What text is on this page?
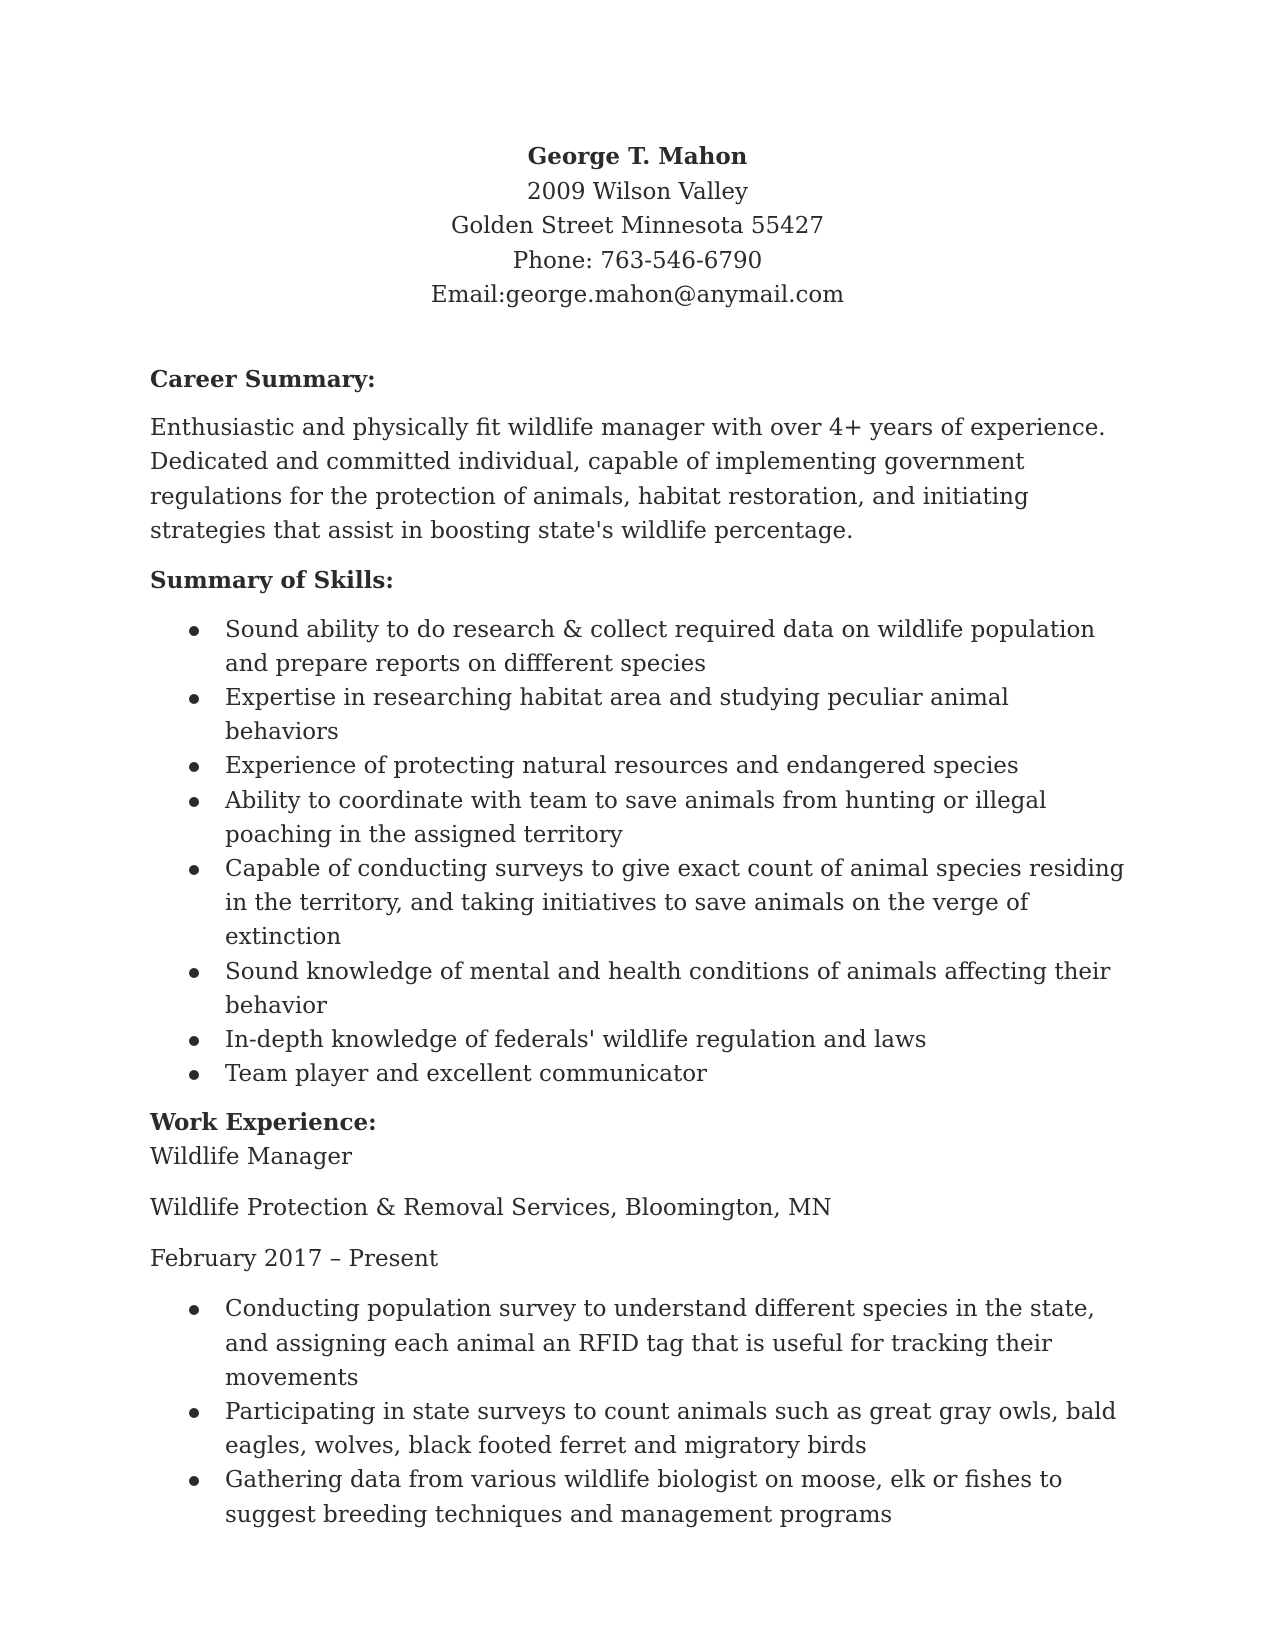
George T. Mahon
2009 Wilson Valley
Golden Street Minnesota 55427
Phone: 763-546-6790
Email:george.mahon@anymail.com
Career Summary:

Enthusiastic and physically fit wildlife manager with over 4+ years of experience. Dedicated and committed individual, capable of implementing government regulations for the protection of animals, habitat restoration, and initiating strategies that assist in boosting state's wildlife percentage.

Summary of Skills:
Sound ability to do research & collect required data on wildlife population and prepare reports on diffferent species
Expertise in researching habitat area and studying peculiar animal behaviors
Experience of protecting natural resources and endangered species
Ability to coordinate with team to save animals from hunting or illegal poaching in the assigned territory
Capable of conducting surveys to give exact count of animal species residing in the territory, and taking initiatives to save animals on the verge of extinction
Sound knowledge of mental and health conditions of animals affecting their behavior
In-depth knowledge of federals' wildlife regulation and laws
Team player and excellent communicator
Work Experience:

Wildlife Manager

Wildlife Protection & Removal Services, Bloomington, MN

February 2017 – Present

Conducting population survey to understand different species in the state, and assigning each animal an RFID tag that is useful for tracking their movements
Participating in state surveys to count animals such as great gray owls, bald eagles, wolves, black footed ferret and migratory birds
Gathering data from various wildlife biologist on moose, elk or fishes to suggest breeding techniques and management programs
